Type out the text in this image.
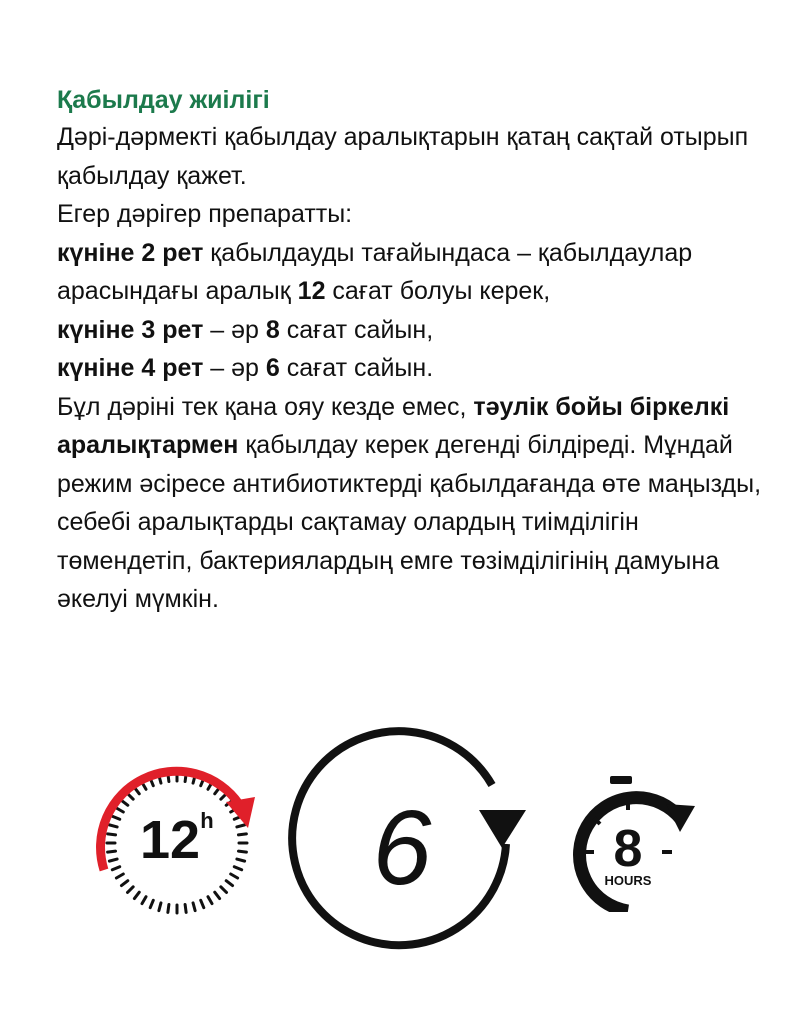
Қабылдау жиілігі
Дәрі-дәрмекті қабылдау аралықтарын қатаң сақтай отырып қабылдау қажет.
Егер дәрігер препаратты:
күніне 2 рет қабылдауды тағайындаса – қабылдаулар арасындағы аралық 12 сағат болуы керек,
күніне 3 рет – әр 8 сағат сайын,
күніне 4 рет – әр 6 сағат сайын.
Бұл дәріні тек қана ояу кезде емес, тәулік бойы біркелкі аралықтармен қабылдау керек дегенді білдіреді. Мұндай режим әсіресе антибиотиктерді қабылдағанда өте маңызды, себебі аралықтарды сақтамау олардың тиімділігін төмендетіп, бактериялардың емге төзімділігінің дамуына әкелуі мүмкін.
12 h 6	8
HOURS
